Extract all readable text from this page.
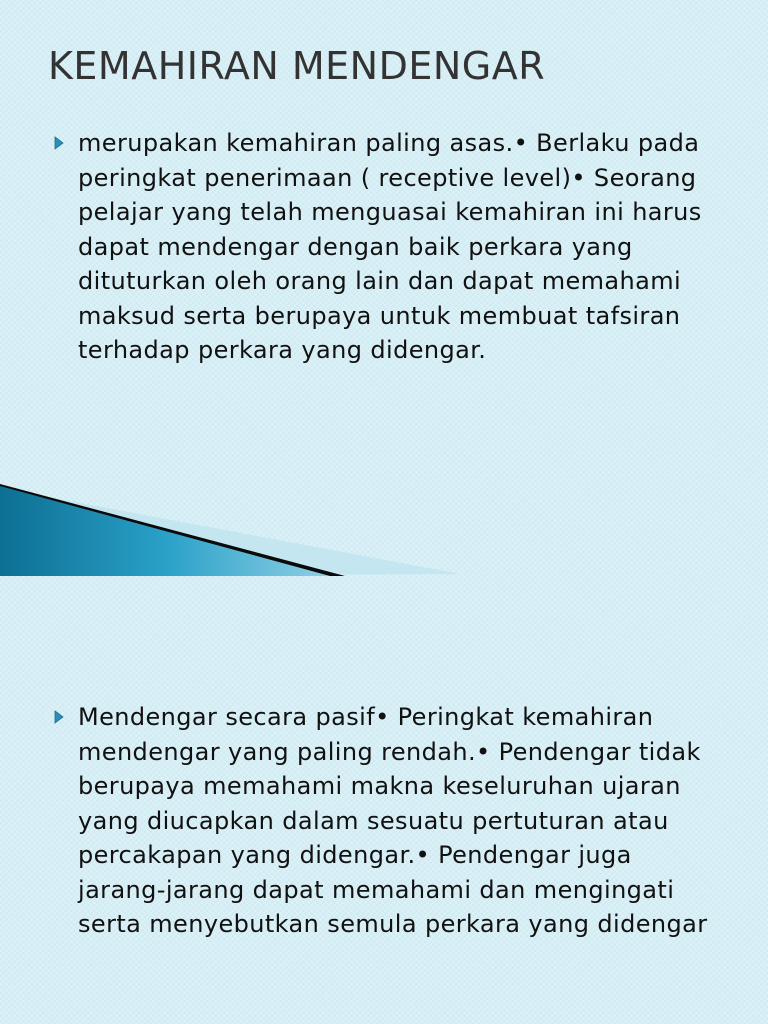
KEMAHIRAN MENDENGAR

merupakan kemahiran paling asas.• Berlaku pada peringkat penerimaan ( receptive level)• Seorang pelajar yang telah menguasai kemahiran ini harus dapat mendengar dengan baik perkara yang dituturkan oleh orang lain dan dapat memahami maksud serta berupaya untuk membuat tafsiran terhadap perkara yang didengar.

Mendengar secara pasif• Peringkat kemahiran mendengar yang paling rendah.• Pendengar tidak berupaya memahami makna keseluruhan ujaran yang diucapkan dalam sesuatu pertuturan atau percakapan yang didengar.• Pendengar juga jarang-jarang dapat memahami dan mengingati serta menyebutkan semula perkara yang didengar
